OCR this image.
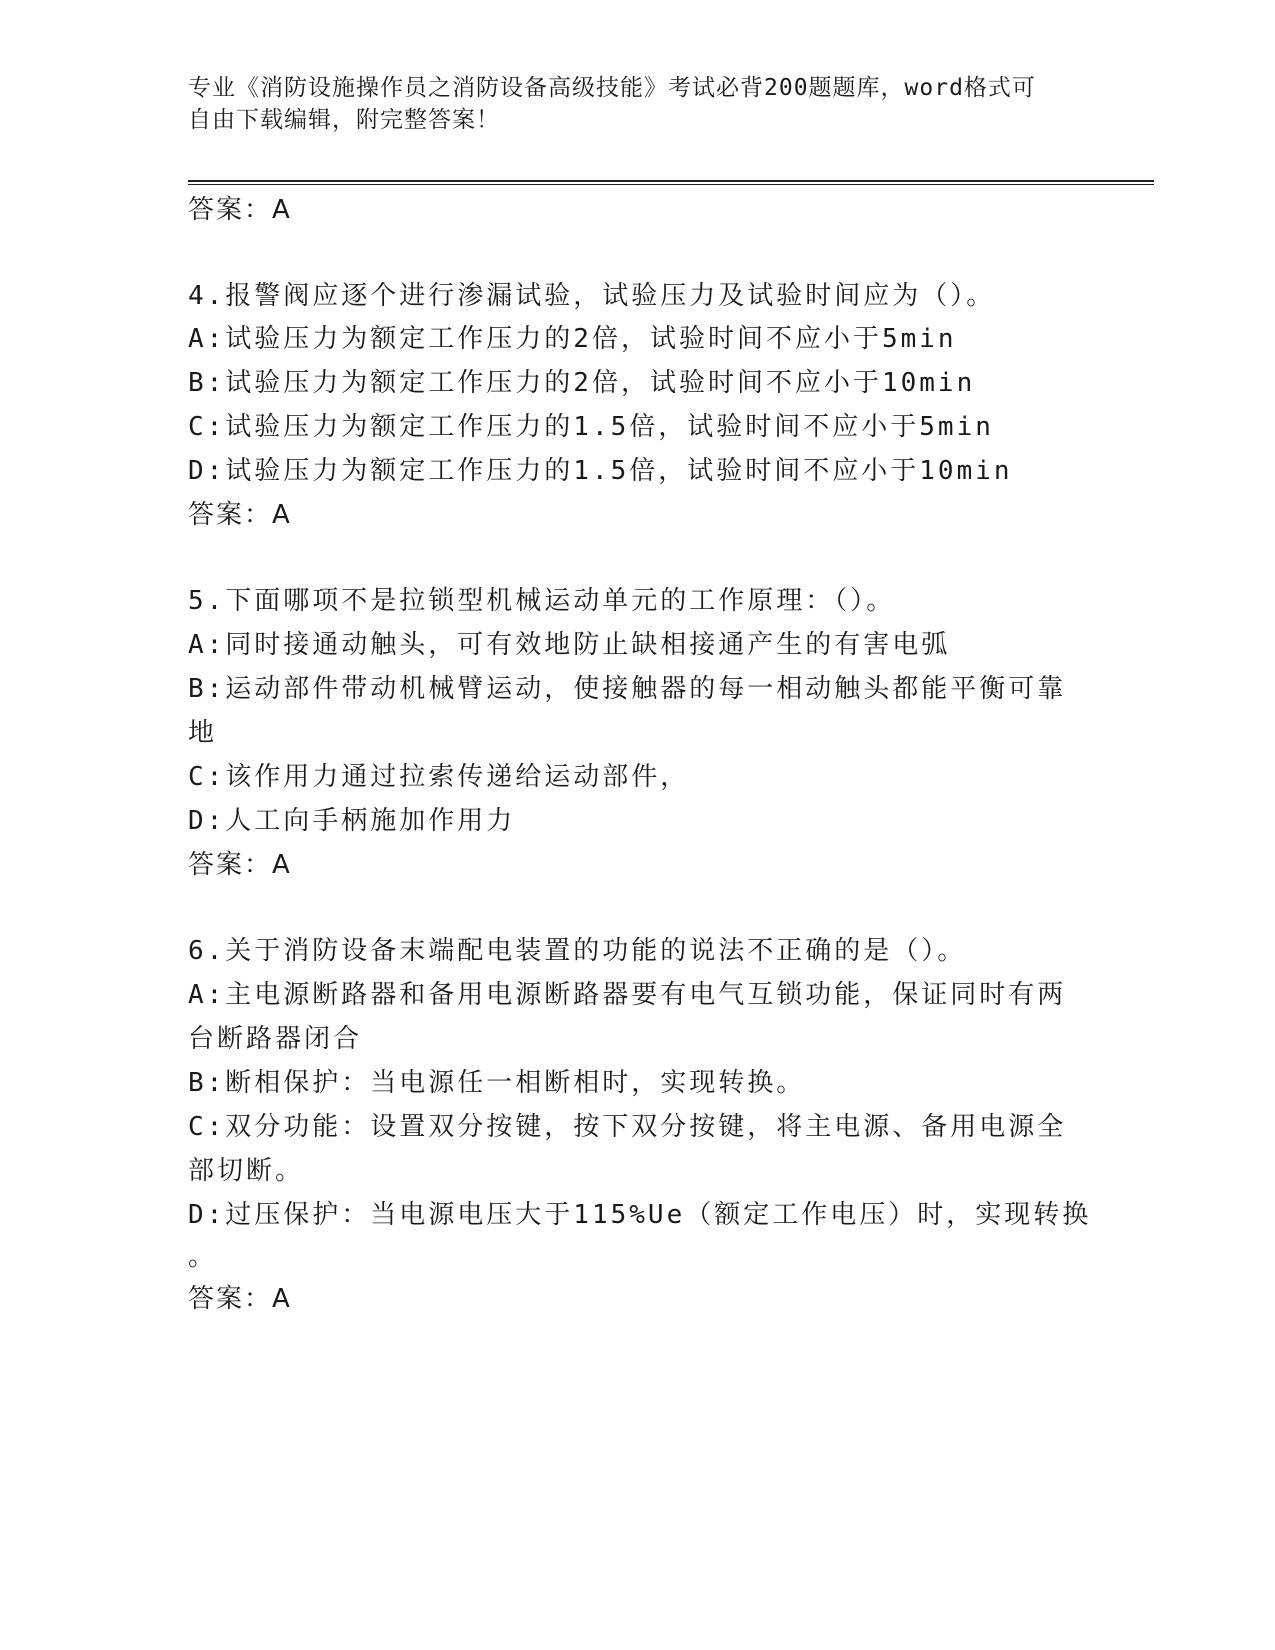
专业《消防设施操作员之消防设备高级技能》考试必背200题题库，word格式可
自由下载编辑，附完整答案！
答案：A
4.报警阀应逐个进行渗漏试验，试验压力及试验时间应为（）。
A:试验压力为额定工作压力的2倍，试验时间不应小于5min
B:试验压力为额定工作压力的2倍，试验时间不应小于10min
C:试验压力为额定工作压力的1.5倍，试验时间不应小于5min
D:试验压力为额定工作压力的1.5倍，试验时间不应小于10min
答案：A
5.下面哪项不是拉锁型机械运动单元的工作原理：（）。
A:同时接通动触头，可有效地防止缺相接通产生的有害电弧
B:运动部件带动机械臂运动，使接触器的每一相动触头都能平衡可靠
地
C:该作用力通过拉索传递给运动部件，
D:人工向手柄施加作用力
答案：A
6.关于消防设备末端配电装置的功能的说法不正确的是（）。
A:主电源断路器和备用电源断路器要有电气互锁功能，保证同时有两
台断路器闭合
B:断相保护：当电源任一相断相时，实现转换。
C:双分功能：设置双分按键，按下双分按键，将主电源、备用电源全
部切断。
D:过压保护：当电源电压大于115%Ue（额定工作电压）时，实现转换
。
答案：A
